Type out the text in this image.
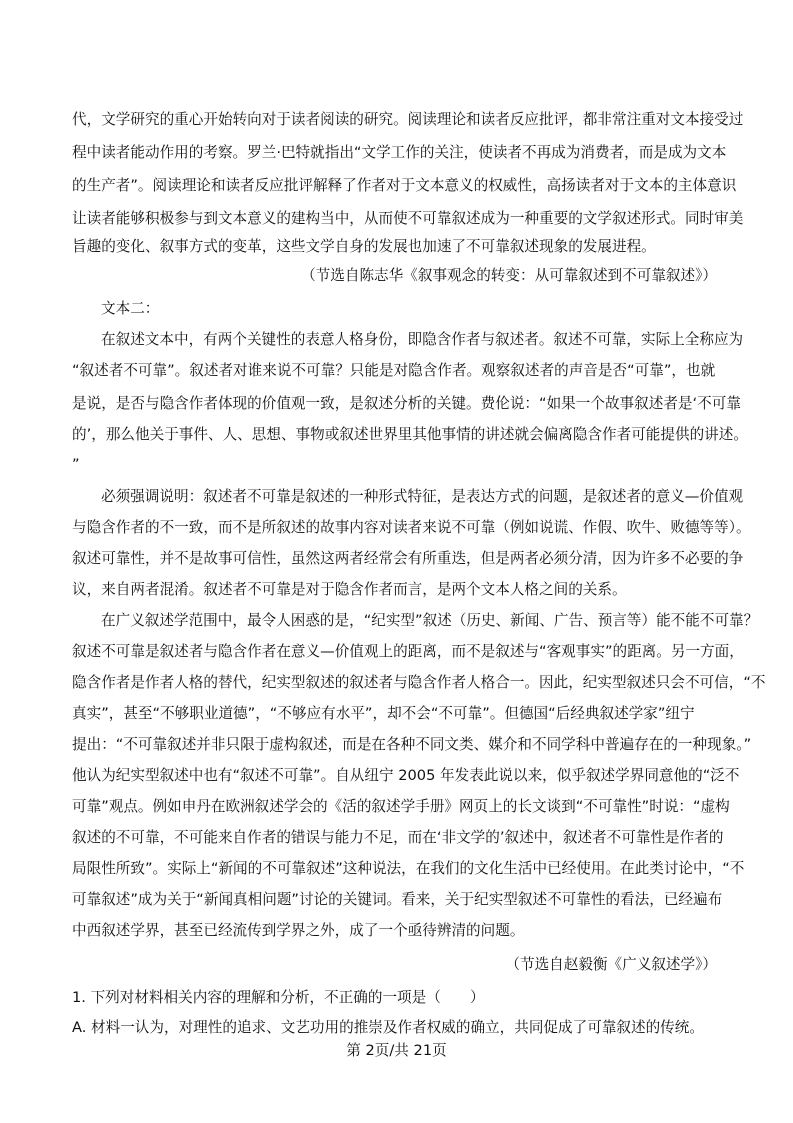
代，文学研究的重心开始转向对于读者阅读的研究。阅读理论和读者反应批评，都非常注重对文本接受过
程中读者能动作用的考察。罗兰·巴特就指出“文学工作的关注，使读者不再成为消费者，而是成为文本
的生产者”。阅读理论和读者反应批评解释了作者对于文本意义的权威性，高扬读者对于文本的主体意识
让读者能够积极参与到文本意义的建构当中，从而使不可靠叙述成为一种重要的文学叙述形式。同时审美
旨趣的变化、叙事方式的变革，这些文学自身的发展也加速了不可靠叙述现象的发展进程。
（节选自陈志华《叙事观念的转变：从可靠叙述到不可靠叙述》）
文本二：
在叙述文本中，有两个关键性的表意人格身份，即隐含作者与叙述者。叙述不可靠，实际上全称应为
“叙述者不可靠”。叙述者对谁来说不可靠？只能是对隐含作者。观察叙述者的声音是否“可靠”，也就
是说，是否与隐含作者体现的价值观一致，是叙述分析的关键。费伦说：“如果一个故事叙述者是‘不可靠
的’，那么他关于事件、人、思想、事物或叙述世界里其他事情的讲述就会偏离隐含作者可能提供的讲述。
”
必须强调说明：叙述者不可靠是叙述的一种形式特征，是表达方式的问题，是叙述者的意义—价值观
与隐含作者的不一致，而不是所叙述的故事内容对读者来说不可靠（例如说谎、作假、吹牛、败德等等）。
叙述可靠性，并不是故事可信性，虽然这两者经常会有所重迭，但是两者必须分清，因为许多不必要的争
议，来自两者混淆。叙述者不可靠是对于隐含作者而言，是两个文本人格之间的关系。
在广义叙述学范围中，最令人困惑的是，“纪实型”叙述（历史、新闻、广告、预言等）能不能不可靠？
叙述不可靠是叙述者与隐含作者在意义—价值观上的距离，而不是叙述与“客观事实”的距离。另一方面，
隐含作者是作者人格的替代，纪实型叙述的叙述者与隐含作者人格合一。因此，纪实型叙述只会不可信，“不
真实”，甚至“不够职业道德”，“不够应有水平”，却不会“不可靠”。但德国“后经典叙述学家”纽宁
提出：“不可靠叙述并非只限于虚构叙述，而是在各种不同文类、媒介和不同学科中普遍存在的一种现象。”
他认为纪实型叙述中也有“叙述不可靠”。自从纽宁 2005 年发表此说以来，似乎叙述学界同意他的“泛不
可靠”观点。例如申丹在欧洲叙述学会的《活的叙述学手册》网页上的长文谈到“不可靠性”时说：“虚构
叙述的不可靠，不可能来自作者的错误与能力不足，而在‘非文学的’叙述中，叙述者不可靠性是作者的
局限性所致”。实际上“新闻的不可靠叙述”这种说法，在我们的文化生活中已经使用。在此类讨论中，“不
可靠叙述”成为关于“新闻真相问题”讨论的关键词。看来，关于纪实型叙述不可靠性的看法，已经遍布
中西叙述学界，甚至已经流传到学界之外，成了一个亟待辨清的问题。
（节选自赵毅衡《广义叙述学》）
1. 下列对材料相关内容的理解和分析，不正确的一项是（　　）
A. 材料一认为，对理性的追求、文艺功用的推崇及作者权威的确立，共同促成了可靠叙述的传统。
第 2页/共 21页
